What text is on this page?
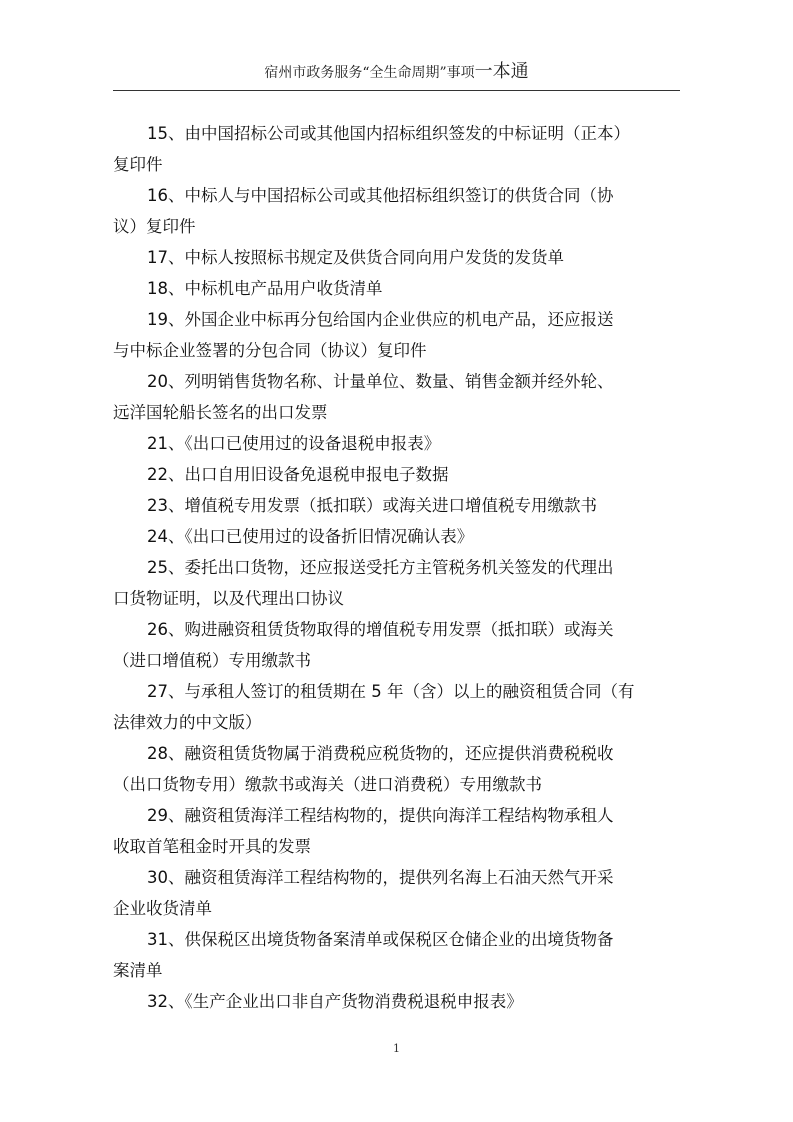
宿州市政务服务“全生命周期”事项一本通

15、由中国招标公司或其他国内招标组织签发的中标证明（正本）
复印件

16、中标人与中国招标公司或其他招标组织签订的供货合同（协
议）复印件

17、中标人按照标书规定及供货合同向用户发货的发货单

18、中标机电产品用户收货清单

19、外国企业中标再分包给国内企业供应的机电产品，还应报送
与中标企业签署的分包合同（协议）复印件

20、列明销售货物名称、计量单位、数量、销售金额并经外轮、
远洋国轮船长签名的出口发票

21、《出口已使用过的设备退税申报表》

22、出口自用旧设备免退税申报电子数据

23、增值税专用发票（抵扣联）或海关进口增值税专用缴款书

24、《出口已使用过的设备折旧情况确认表》

25、委托出口货物，还应报送受托方主管税务机关签发的代理出
口货物证明，以及代理出口协议

26、购进融资租赁货物取得的增值税专用发票（抵扣联）或海关
（进口增值税）专用缴款书

27、与承租人签订的租赁期在 5 年（含）以上的融资租赁合同（有
法律效力的中文版）

28、融资租赁货物属于消费税应税货物的，还应提供消费税税收
（出口货物专用）缴款书或海关（进口消费税）专用缴款书

29、融资租赁海洋工程结构物的，提供向海洋工程结构物承租人
收取首笔租金时开具的发票

30、融资租赁海洋工程结构物的，提供列名海上石油天然气开采
企业收货清单

31、供保税区出境货物备案清单或保税区仓储企业的出境货物备
案清单

32、《生产企业出口非自产货物消费税退税申报表》

1
